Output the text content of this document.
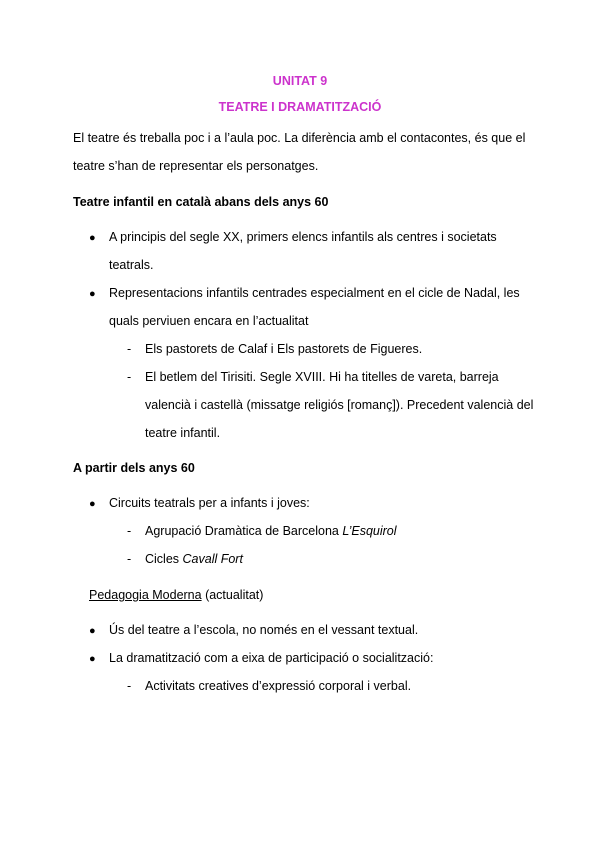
UNITAT 9
TEATRE I DRAMATITZACIÓ
El teatre és treballa poc i a l’aula poc. La diferència amb el contacontes, és que el
teatre s’han de representar els personatges.
Teatre infantil en català abans dels anys 60
● A principis del segle XX, primers elencs infantils als centres i societats
teatrals.
● Representacions infantils centrades especialment en el cicle de Nadal, les
quals perviuen encara en l’actualitat
- Els pastorets de Calaf i Els pastorets de Figueres.
- El betlem del Tirisiti. Segle XVIII. Hi ha titelles de vareta, barreja
valencià i castellà (missatge religiós [romanç]). Precedent valencià del
teatre infantil.
A partir dels anys 60
● Circuits teatrals per a infants i joves:
- Agrupació Dramàtica de Barcelona L’Esquirol
- Cicles Cavall Fort
Pedagogia Moderna (actualitat)
● Ús del teatre a l’escola, no només en el vessant textual.
● La dramatització com a eixa de participació o socialització:
- Activitats creatives d’expressió corporal i verbal.
